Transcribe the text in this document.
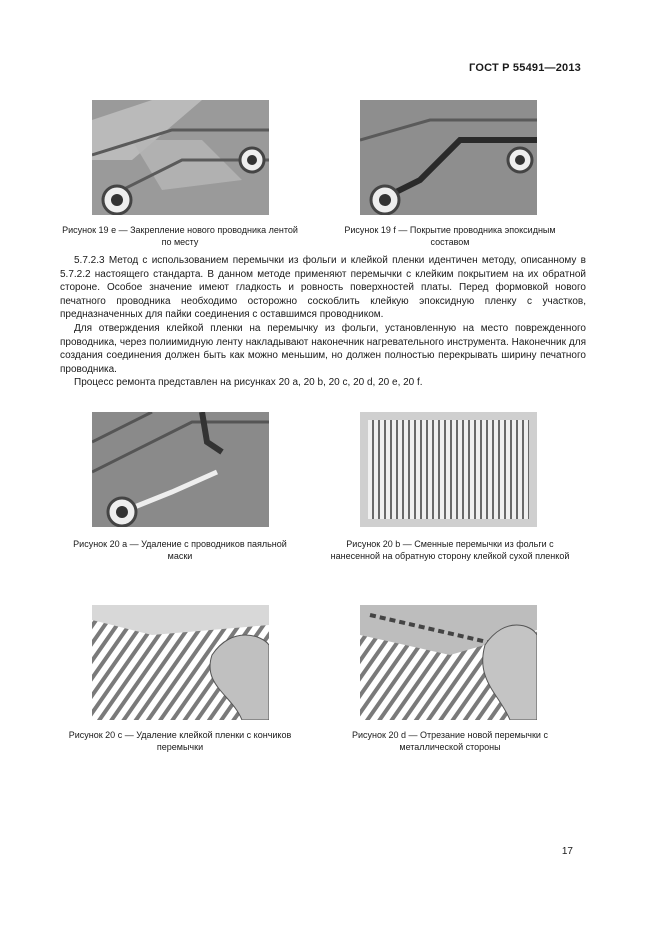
ГОСТ Р 55491—2013
Рисунок 19 е — Закрепление нового проводника лентой по месту
Рисунок 19 f — Покрытие проводника эпоксидным составом

5.7.2.3 Метод с использованием перемычки из фольги и клейкой пленки идентичен методу, описанному в 5.7.2.2 настоящего стандарта. В данном методе применяют перемычки с клейким покрытием на их обратной стороне. Особое значение имеют гладкость и ровность поверхностей платы. Перед формовкой нового печатного проводника необходимо осторожно соскоблить клейкую эпоксидную пленку с участков, предназначенных для пайки соединения с оставшимся проводником.

Для отверждения клейкой пленки на перемычку из фольги, установленную на место поврежденного проводника, через полиимидную ленту накладывают наконечник нагревательного инструмента. Наконечник для создания соединения должен быть как можно меньшим, но должен полностью перекрывать ширину печатного проводника.

Процесс ремонта представлен на рисунках 20 а, 20 b, 20 с, 20 d, 20 е, 20 f.

Рисунок 20 а — Удаление с проводников паяльной маски
Рисунок 20 b — Сменные перемычки из фольги с нанесенной на обратную сторону клейкой сухой пленкой
Рисунок 20 с — Удаление клейкой пленки с кончиков перемычки
Рисунок 20 d — Отрезание новой перемычки с металлической стороны
17
